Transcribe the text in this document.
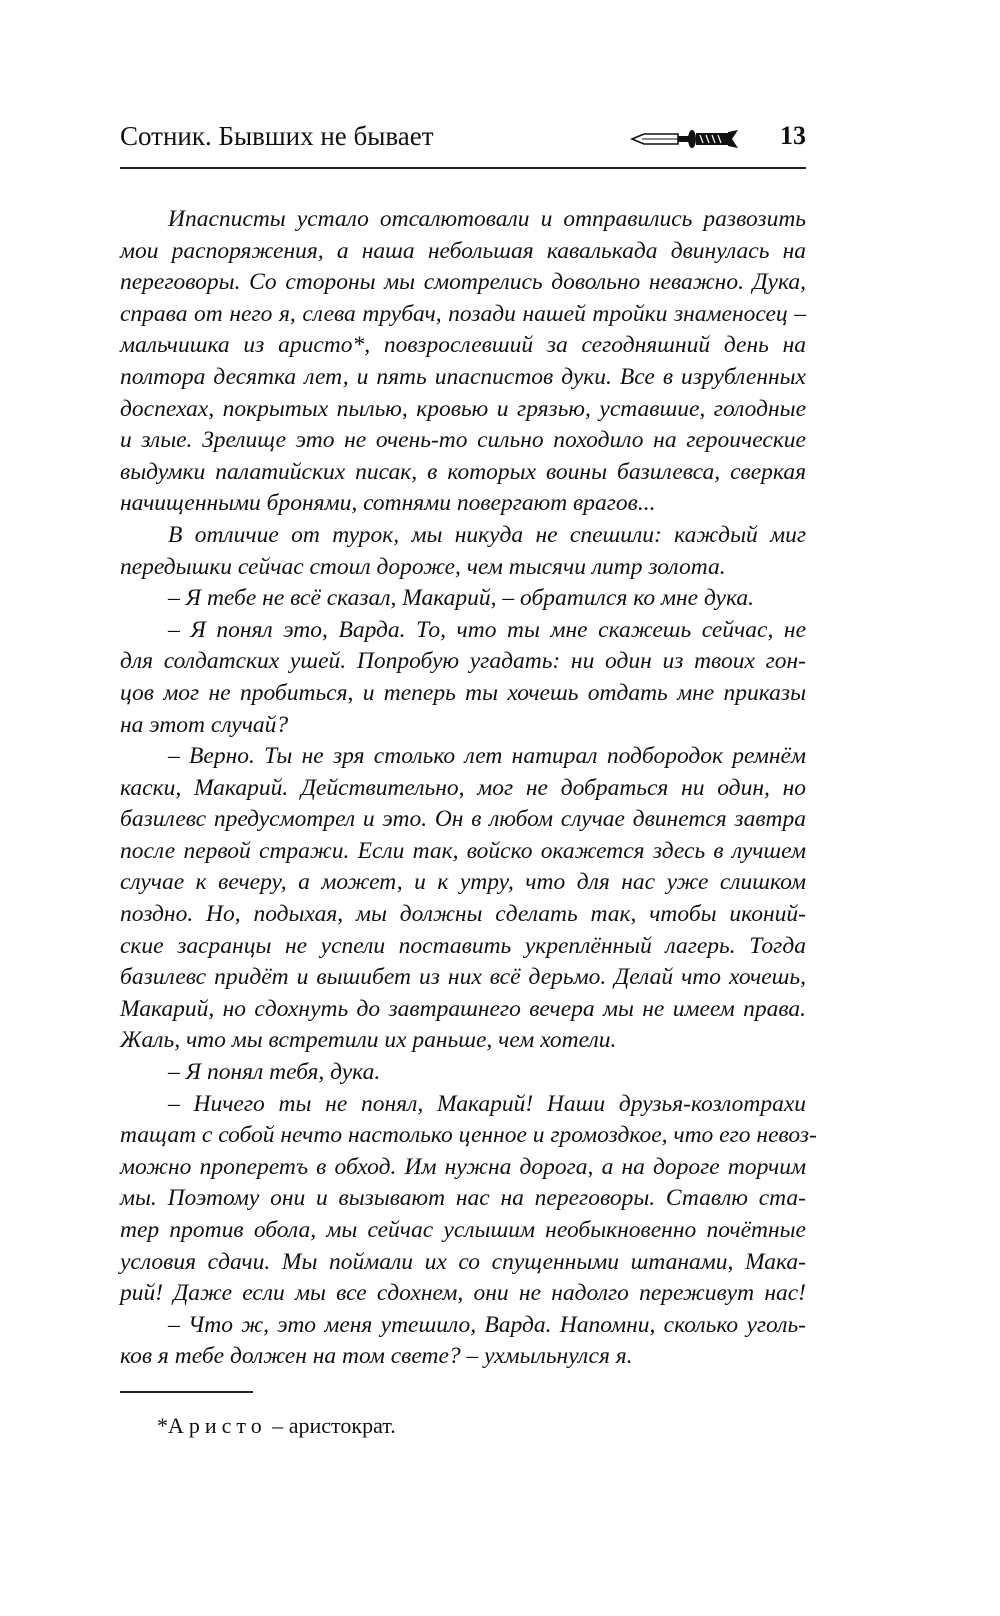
Сотник. Бывших не бывает	13
Ипасписты устало отсалютовали и отправились развозить
мои распоряжения, а наша небольшая кавалькада двинулась на
переговоры. Со стороны мы смотрелись довольно неважно. Дука,
справа от него я, слева трубач, позади нашей тройки знаменосец –
мальчишка из аристо*, повзрослевший за сегодняшний день на
полтора десятка лет, и пять ипаспистов дуки. Все в изрубленных
доспехах, покрытых пылью, кровью и грязью, уставшие, голодные
и злые. Зрелище это не очень-то сильно походило на героические
выдумки палатийских писак, в которых воины базилевса, сверкая
начищенными бронями, сотнями повергают врагов...
В отличие от турок, мы никуда не спешили: каждый миг
передышки сейчас стоил дороже, чем тысячи литр золота.
– Я тебе не всё сказал, Макарий, – обратился ко мне дука.
– Я понял это, Варда. То, что ты мне скажешь сейчас, не
для солдатских ушей. Попробую угадать: ни один из твоих гон-
цов мог не пробиться, и теперь ты хочешь отдать мне приказы
на этот случай?
– Верно. Ты не зря столько лет натирал подбородок ремнём
каски, Макарий. Действительно, мог не добраться ни один, но
базилевс предусмотрел и это. Он в любом случае двинется завтра
после первой стражи. Если так, войско окажется здесь в лучшем
случае к вечеру, а может, и к утру, что для нас уже слишком
поздно. Но, подыхая, мы должны сделать так, чтобы иконий-
ские засранцы не успели поставить укреплённый лагерь. Тогда
базилевс придёт и вышибет из них всё дерьмо. Делай что хочешь,
Макарий, но сдохнуть до завтрашнего вечера мы не имеем права.
Жаль, что мы встретили их раньше, чем хотели.
– Я понял тебя, дука.
– Ничего ты не понял, Макарий! Наши друзья-козлотрахи
тащат с собой нечто настолько ценное и громоздкое, что его невоз-
можно проперетъ в обход. Им нужна дорога, а на дороге торчим
мы. Поэтому они и вызывают нас на переговоры. Ставлю ста-
тер против обола, мы сейчас услышим необыкновенно почётные
условия сдачи. Мы поймали их со спущенными штанами, Мака-
рий! Даже если мы все сдохнем, они не надолго переживут нас!
– Что ж, это меня утешило, Варда. Напомни, сколько уголь-
ков я тебе должен на том свете? – ухмыльнулся я.
*Аристо – аристократ.
